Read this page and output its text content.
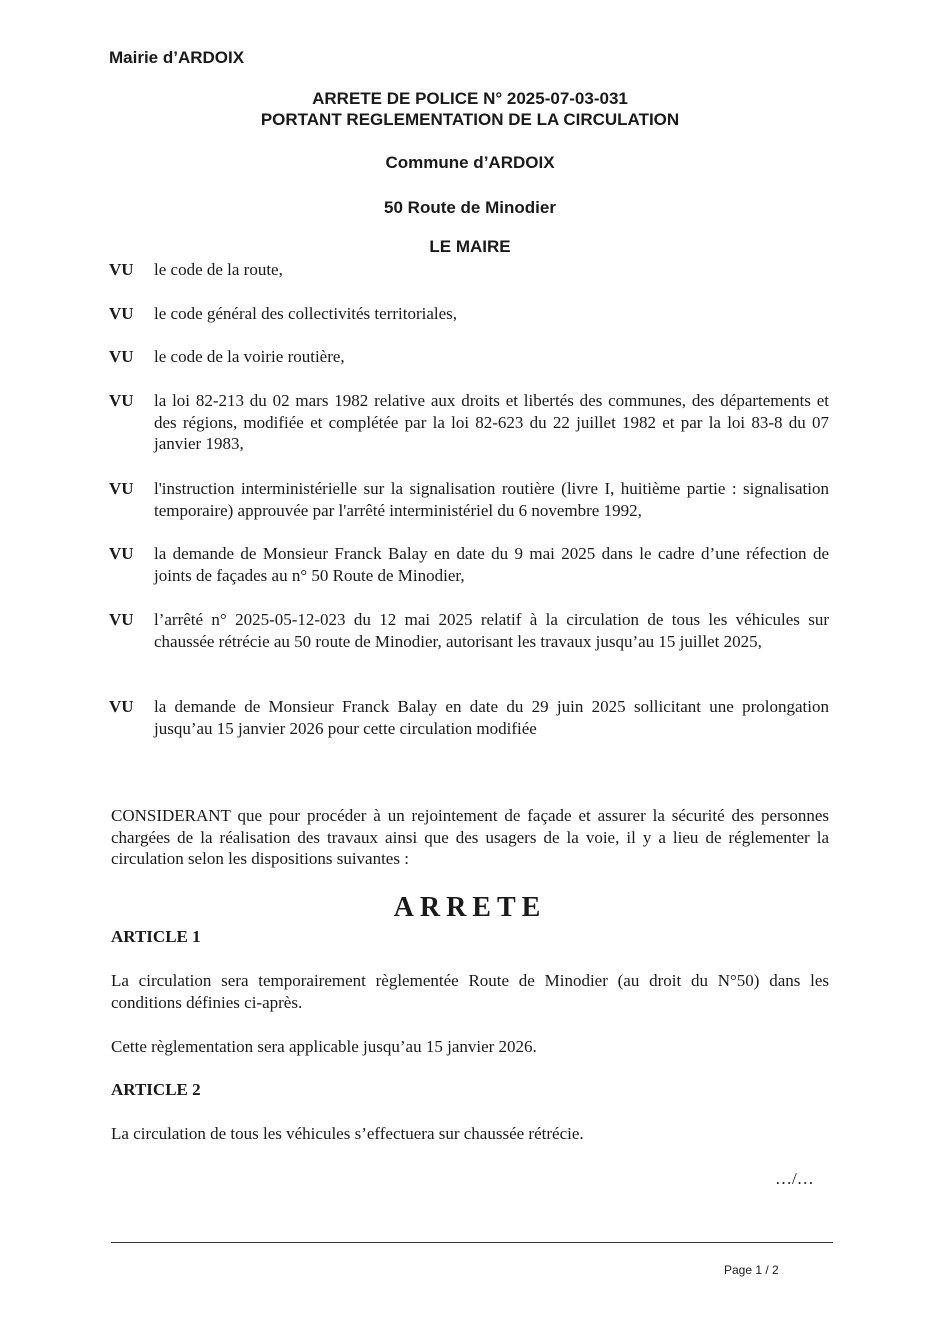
Mairie d’ARDOIX
ARRETE DE POLICE N° 2025-07-03-031
PORTANT REGLEMENTATION DE LA CIRCULATION
Commune d’ARDOIX
50 Route de Minodier
LE MAIRE
VU	le code de la route,
VU	le code général des collectivités territoriales,
VU	le code de la voirie routière,
VU	la loi 82-213 du 02 mars 1982 relative aux droits et libertés des communes, des départements et des régions, modifiée et complétée par la loi 82-623 du 22 juillet 1982 et par la loi 83-8 du 07 janvier 1983,
VU	l'instruction interministérielle sur la signalisation routière (livre I, huitième partie : signalisation temporaire) approuvée par l'arrêté interministériel du 6 novembre 1992,
VU	la demande de Monsieur Franck Balay en date du 9 mai 2025 dans le cadre d’une réfection de joints de façades au n° 50 Route de Minodier,
VU	l’arrêté n° 2025-05-12-023 du 12 mai 2025 relatif à la circulation de tous les véhicules sur chaussée rétrécie au 50 route de Minodier, autorisant les travaux jusqu’au 15 juillet 2025,
VU	la demande de Monsieur Franck Balay en date du 29 juin 2025 sollicitant une prolongation jusqu’au 15 janvier 2026 pour cette circulation modifiée
CONSIDERANT que pour procéder à un rejointement de façade et assurer la sécurité des personnes chargées de la réalisation des travaux ainsi que des usagers de la voie, il y a lieu de réglementer la circulation selon les dispositions suivantes :
ARRETE
ARTICLE 1
La circulation sera temporairement règlementée Route de Minodier (au droit du N°50) dans les conditions définies ci-après.
Cette règlementation sera applicable jusqu’au 15 janvier 2026.
ARTICLE 2
La circulation de tous les véhicules s’effectuera sur chaussée rétrécie.
…/…
Page 1 / 2
